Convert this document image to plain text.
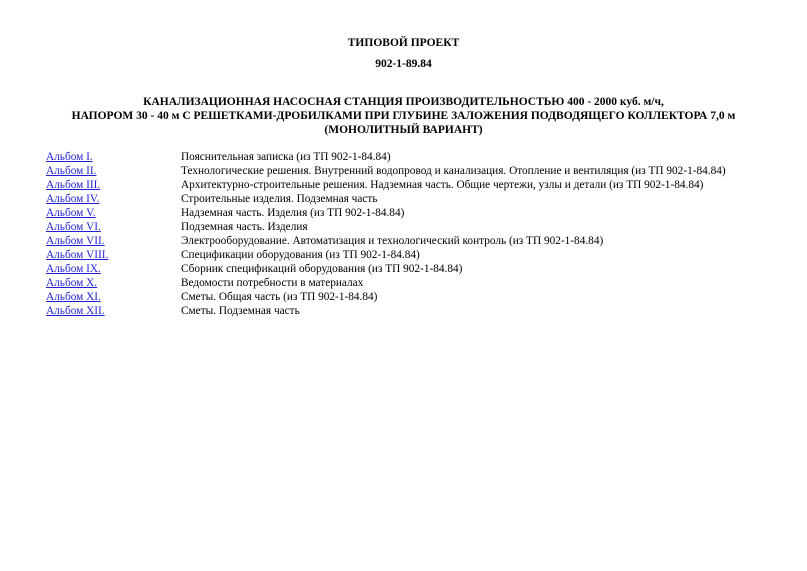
ТИПОВОЙ ПРОЕКТ
902-1-89.84
КАНАЛИЗАЦИОННАЯ НАСОСНАЯ СТАНЦИЯ ПРОИЗВОДИТЕЛЬНОСТЬЮ 400 - 2000 куб. м/ч,
НАПОРОМ 30 - 40 м С РЕШЕТКАМИ-ДРОБИЛКАМИ ПРИ ГЛУБИНЕ ЗАЛОЖЕНИЯ ПОДВОДЯЩЕГО КОЛЛЕКТОРА 7,0 м
(МОНОЛИТНЫЙ ВАРИАНТ)
Альбом I.	Пояснительная записка (из ТП 902-1-84.84)
Альбом II.	Технологические решения. Внутренний водопровод и канализация. Отопление и вентиляция (из ТП 902-1-84.84)
Альбом III.	Архитектурно-строительные решения. Надземная часть. Общие чертежи, узлы и детали (из ТП 902-1-84.84)
Альбом IV.	Строительные изделия. Подземная часть
Альбом V.	Надземная часть. Изделия (из ТП 902-1-84.84)
Альбом VI.	Подземная часть. Изделия
Альбом VII.	Электрооборудование. Автоматизация и технологический контроль (из ТП 902-1-84.84)
Альбом VIII.	Спецификации оборудования (из ТП 902-1-84.84)
Альбом IX.	Сборник спецификаций оборудования (из ТП 902-1-84.84)
Альбом X.	Ведомости потребности в материалах
Альбом XI.	Сметы. Общая часть (из ТП 902-1-84.84)
Альбом XII.	Сметы. Подземная часть
